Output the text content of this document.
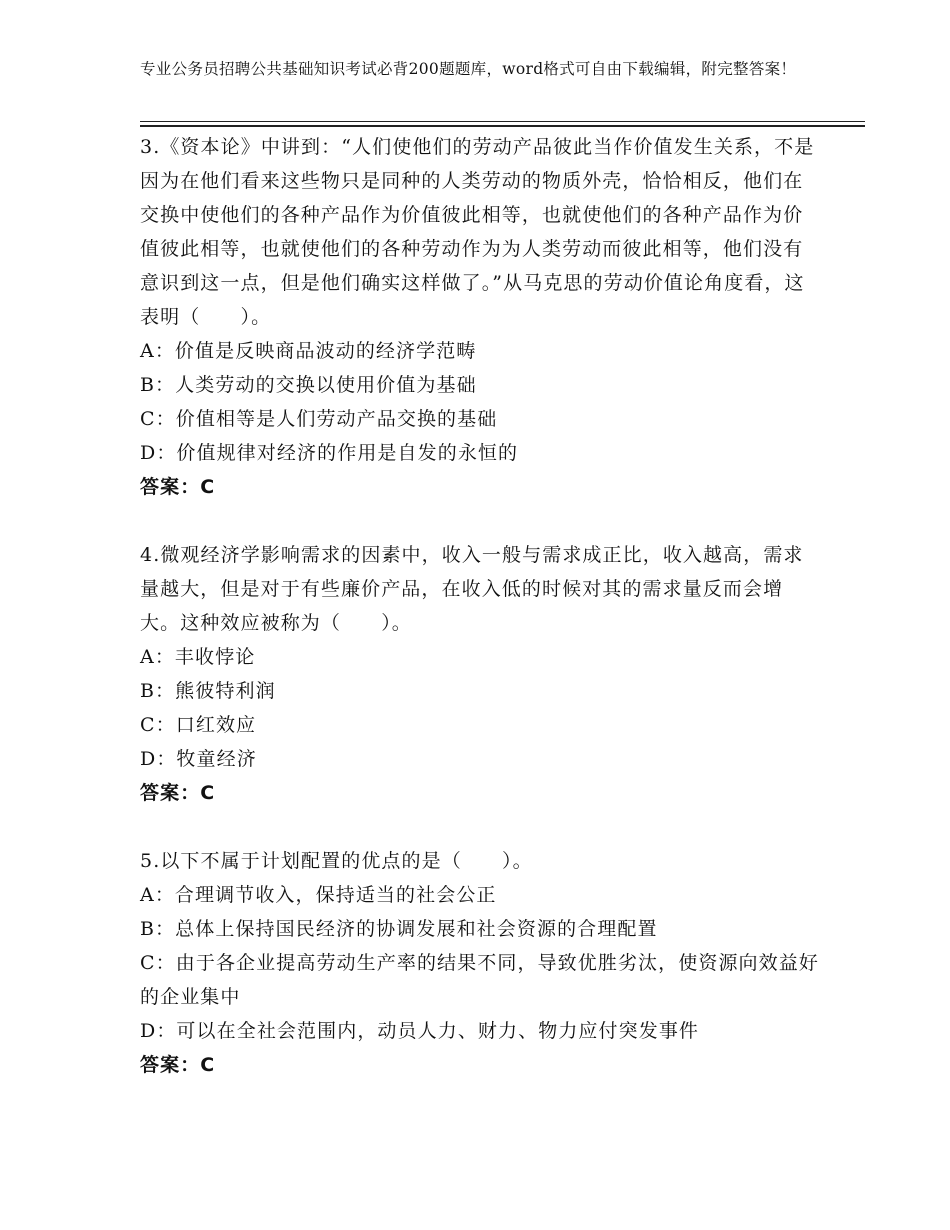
专业公务员招聘公共基础知识考试必背200题题库，word格式可自由下载编辑，附完整答案！

3.《资本论》中讲到：“人们使他们的劳动产品彼此当作价值发生关系，不是因为在他们看来这些物只是同种的人类劳动的物质外壳，恰恰相反，他们在交换中使他们的各种产品作为价值彼此相等，也就使他们的各种产品作为价值彼此相等，也就使他们的各种劳动作为为人类劳动而彼此相等，他们没有意识到这一点，但是他们确实这样做了。”从马克思的劳动价值论角度看，这表明（　　）。

A：价值是反映商品波动的经济学范畴

B：人类劳动的交换以使用价值为基础

C：价值相等是人们劳动产品交换的基础

D：价值规律对经济的作用是自发的永恒的

答案：C

4.微观经济学影响需求的因素中，收入一般与需求成正比，收入越高，需求量越大，但是对于有些廉价产品，在收入低的时候对其的需求量反而会增大。这种效应被称为（　　）。

A：丰收悖论

B：熊彼特利润

C：口红效应

D：牧童经济

答案：C

5.以下不属于计划配置的优点的是（　　）。

A：合理调节收入，保持适当的社会公正

B：总体上保持国民经济的协调发展和社会资源的合理配置

C：由于各企业提高劳动生产率的结果不同，导致优胜劣汰，使资源向效益好的企业集中

D：可以在全社会范围内，动员人力、财力、物力应付突发事件

答案：C
